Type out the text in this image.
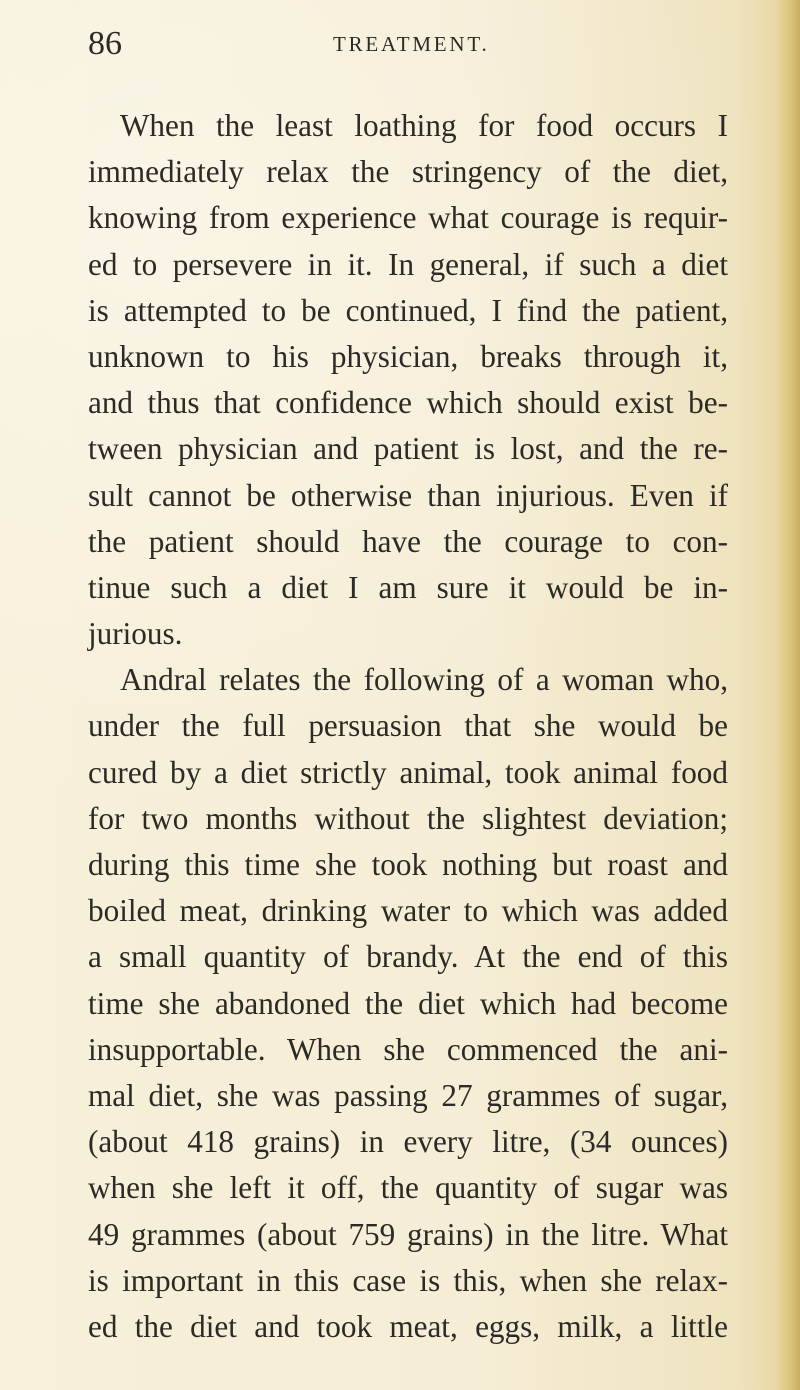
86	TREATMENT.
When the least loathing for food occurs I
immediately relax the stringency of the diet,
knowing from experience what courage is requir-
ed to persevere in it. In general, if such a diet
is attempted to be continued, I find the patient,
unknown to his physician, breaks through it,
and thus that confidence which should exist be-
tween physician and patient is lost, and the re-
sult cannot be otherwise than injurious. Even if
the patient should have the courage to con-
tinue such a diet I am sure it would be in-
jurious.
Andral relates the following of a woman who,
under the full persuasion that she would be
cured by a diet strictly animal, took animal food
for two months without the slightest deviation;
during this time she took nothing but roast and
boiled meat, drinking water to which was added
a small quantity of brandy. At the end of this
time she abandoned the diet which had become
insupportable. When she commenced the ani-
mal diet, she was passing 27 grammes of sugar,
(about 418 grains) in every litre, (34 ounces)
when she left it off, the quantity of sugar was
49 grammes (about 759 grains) in the litre. What
is important in this case is this, when she relax-
ed the diet and took meat, eggs, milk, a little
